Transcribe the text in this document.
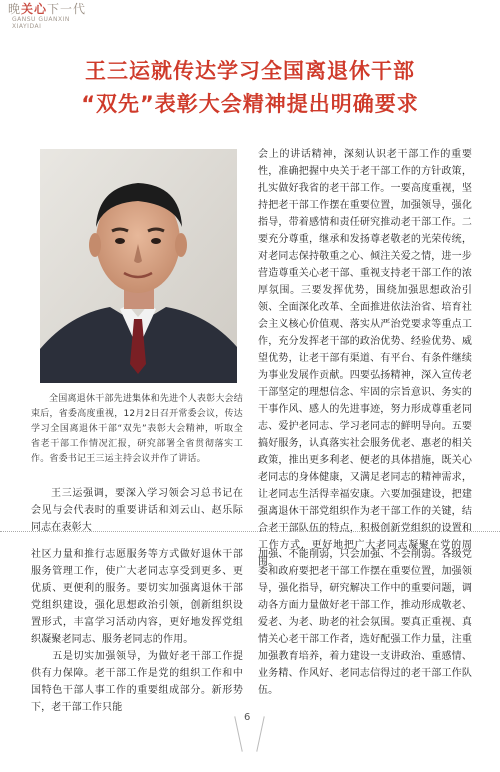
晚关心下一代
GANSU GUANXIN
XIAYIDAI
王三运就传达学习全国离退休干部
“双先”表彰大会精神提出明确要求
全国离退休干部先进集体和先进个人表彰大会结束后，省委高度重视，12月2日召开常委会议，传达学习全国离退休干部“双先”表彰大会精神，听取全省老干部工作情况汇报，研究部署全省贯彻落实工作。省委书记王三运主持会议并作了讲话。
王三运强调，要深入学习领会习总书记在会见与会代表时的重要讲话和刘云山、赵乐际同志在表彰大
会上的讲话精神，深刻认识老干部工作的重要性，准确把握中央关于老干部工作的方针政策，扎实做好我省的老干部工作。一要高度重视，坚持把老干部工作摆在重要位置，加强领导，强化指导，带着感情和责任研究推动老干部工作。二要充分尊重，继承和发扬尊老敬老的光荣传统，对老同志保持敬重之心、倾注关爱之情，进一步营造尊重关心老干部、重视支持老干部工作的浓厚氛围。三要发挥优势，围绕加强思想政治引领、全面深化改革、全面推进依法治省、培育社会主义核心价值观、落实从严治党要求等重点工作，充分发挥老干部的政治优势、经验优势、威望优势，让老干部有渠道、有平台、有条件继续为事业发展作贡献。四要弘扬精神，深入宣传老干部坚定的理想信念、牢固的宗旨意识、务实的干事作风、感人的先进事迹，努力形成尊重老同志、爱护老同志、学习老同志的鲜明导向。五要搞好服务，认真落实社会服务优老、惠老的相关政策，推出更多利老、便老的具体措施，既关心老同志的身体健康，又满足老同志的精神需求，让老同志生活得幸福安康。六要加强建设，把建强离退休干部党组织作为老干部工作的关键，结合老干部队伍的特点，积极创新党组织的设置和工作方式，更好地把广大老同志凝聚在党的周围。
社区力量和推行志愿服务等方式做好退休干部服务管理工作，使广大老同志享受到更多、更优质、更便利的服务。要切实加强离退休干部党组织建设，强化思想政治引领，创新组织设置形式，丰富学习活动内容，更好地发挥党组织凝聚老同志、服务老同志的作用。
　　五是切实加强领导，为做好老干部工作提供有力保障。老干部工作是党的组织工作和中国特色干部人事工作的重要组成部分。新形势下，老干部工作只能
加强、不能削弱，只会加强、不会削弱。各级党委和政府要把老干部工作摆在重要位置，加强领导，强化指导，研究解决工作中的重要问题，调动各方面力量做好老干部工作，推动形成敬老、爱老、为老、助老的社会氛围。要真正重视、真情关心老干部工作者，选好配强工作力量，注重加强教育培养，着力建设一支讲政治、重感情、业务精、作风好、老同志信得过的老干部工作队伍。
6
